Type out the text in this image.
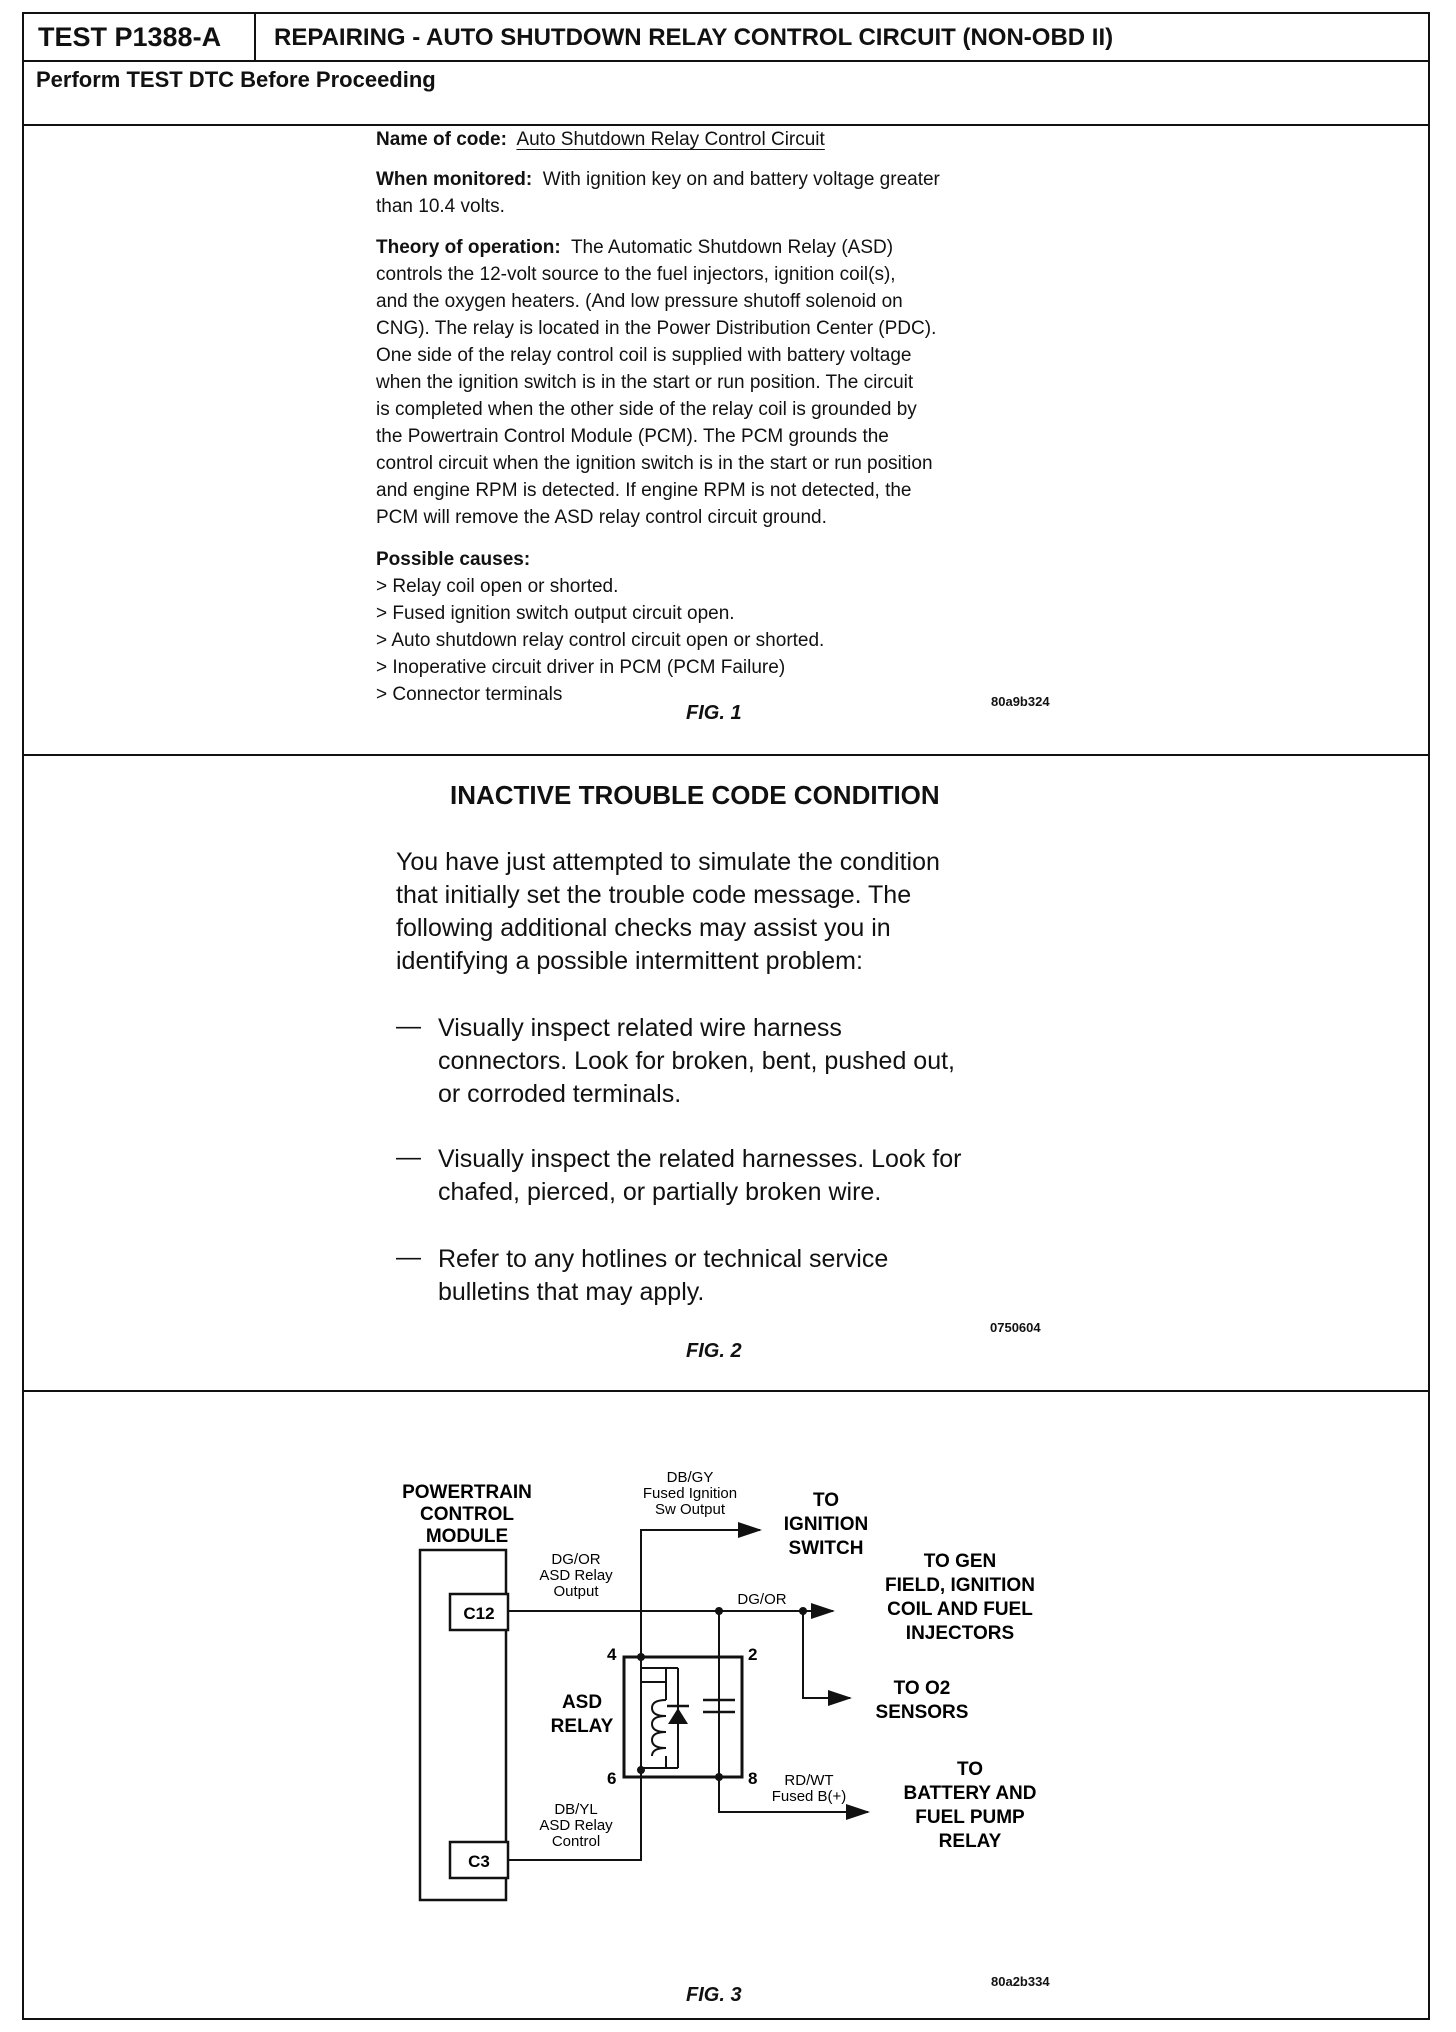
TEST P1388-A	REPAIRING - AUTO SHUTDOWN RELAY CONTROL CIRCUIT (NON-OBD II)
Perform TEST DTC Before Proceeding
Name of code: Auto Shutdown Relay Control Circuit
When monitored: With ignition key on and battery voltage greater
than 10.4 volts.
Theory of operation: The Automatic Shutdown Relay (ASD)
controls the 12-volt source to the fuel injectors, ignition coil(s),
and the oxygen heaters. (And low pressure shutoff solenoid on
CNG). The relay is located in the Power Distribution Center (PDC).
One side of the relay control coil is supplied with battery voltage
when the ignition switch is in the start or run position. The circuit
is completed when the other side of the relay coil is grounded by
the Powertrain Control Module (PCM). The PCM grounds the
control circuit when the ignition switch is in the start or run position
and engine RPM is detected. If engine RPM is not detected, the
PCM will remove the ASD relay control circuit ground.
Possible causes:
> Relay coil open or shorted.
> Fused ignition switch output circuit open.
> Auto shutdown relay control circuit open or shorted.
> Inoperative circuit driver in PCM (PCM Failure)
> Connector terminals
FIG. 1
80a9b324
INACTIVE TROUBLE CODE CONDITION
You have just attempted to simulate the condition
that initially set the trouble code message. The
following additional checks may assist you in
identifying a possible intermittent problem:
— Visually inspect related wire harness
connectors. Look for broken, bent, pushed out,
or corroded terminals.
— Visually inspect the related harnesses. Look for
chafed, pierced, or partially broken wire.
— Refer to any hotlines or technical service
bulletins that may apply.
0750604
FIG. 2
C12
C3
POWERTRAIN
CONTROL
MODULE
DB/GY
Fused Ignition
Sw Output	TO
IGNITION
SWITCH
DG/OR
ASD Relay
Output	DG/OR
TO GEN
FIELD, IGNITION
COIL AND FUEL
INJECTORS
TO O2
SENSORS
ASD
RELAY
4	2
6	8 RD/WT
Fused B(+)
TO
BATTERY AND
FUEL PUMP
RELAY
DB/YL
ASD Relay
Control
80a2b334
FIG. 3
